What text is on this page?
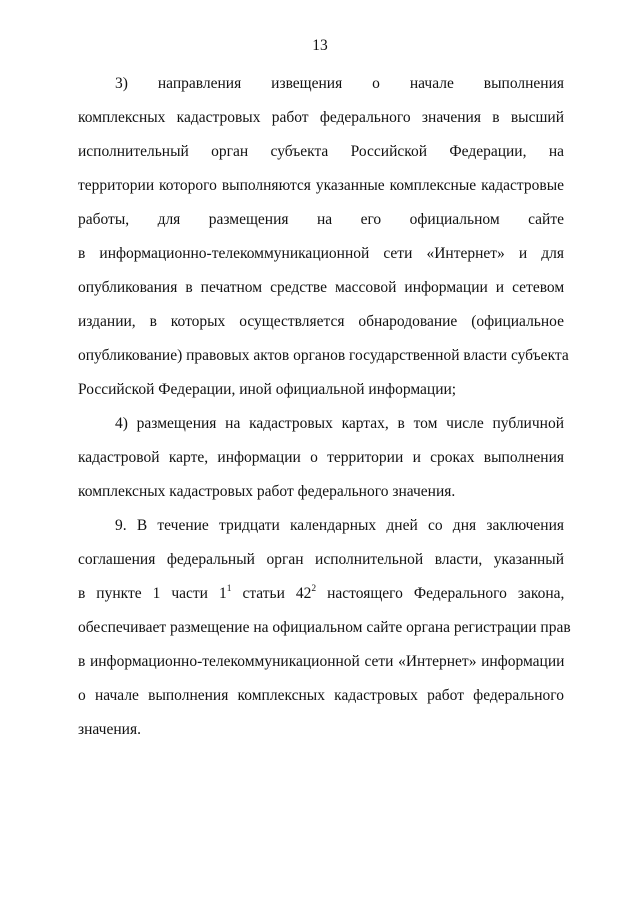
13
3) направления извещения о начале выполнения
комплексных кадастровых работ федерального значения в высший
исполнительный орган субъекта Российской Федерации, на
территории которого выполняются указанные комплексные кадастровые
работы, для размещения на его официальном сайте
в информационно-телекоммуникационной сети «Интернет» и для
опубликования в печатном средстве массовой информации и сетевом
издании, в которых осуществляется обнародование (официальное
опубликование) правовых актов органов государственной власти субъекта
Российской Федерации, иной официальной информации;
4) размещения на кадастровых картах, в том числе публичной
кадастровой карте, информации о территории и сроках выполнения
комплексных кадастровых работ федерального значения.
9. В течение тридцати календарных дней со дня заключения
соглашения федеральный орган исполнительной власти, указанный
в пункте 1 части $1^1$ статьи $42^2$ настоящего Федерального закона,
обеспечивает размещение на официальном сайте органа регистрации прав
в информационно-телекоммуникационной сети «Интернет» информации
о начале выполнения комплексных кадастровых работ федерального
значения.
